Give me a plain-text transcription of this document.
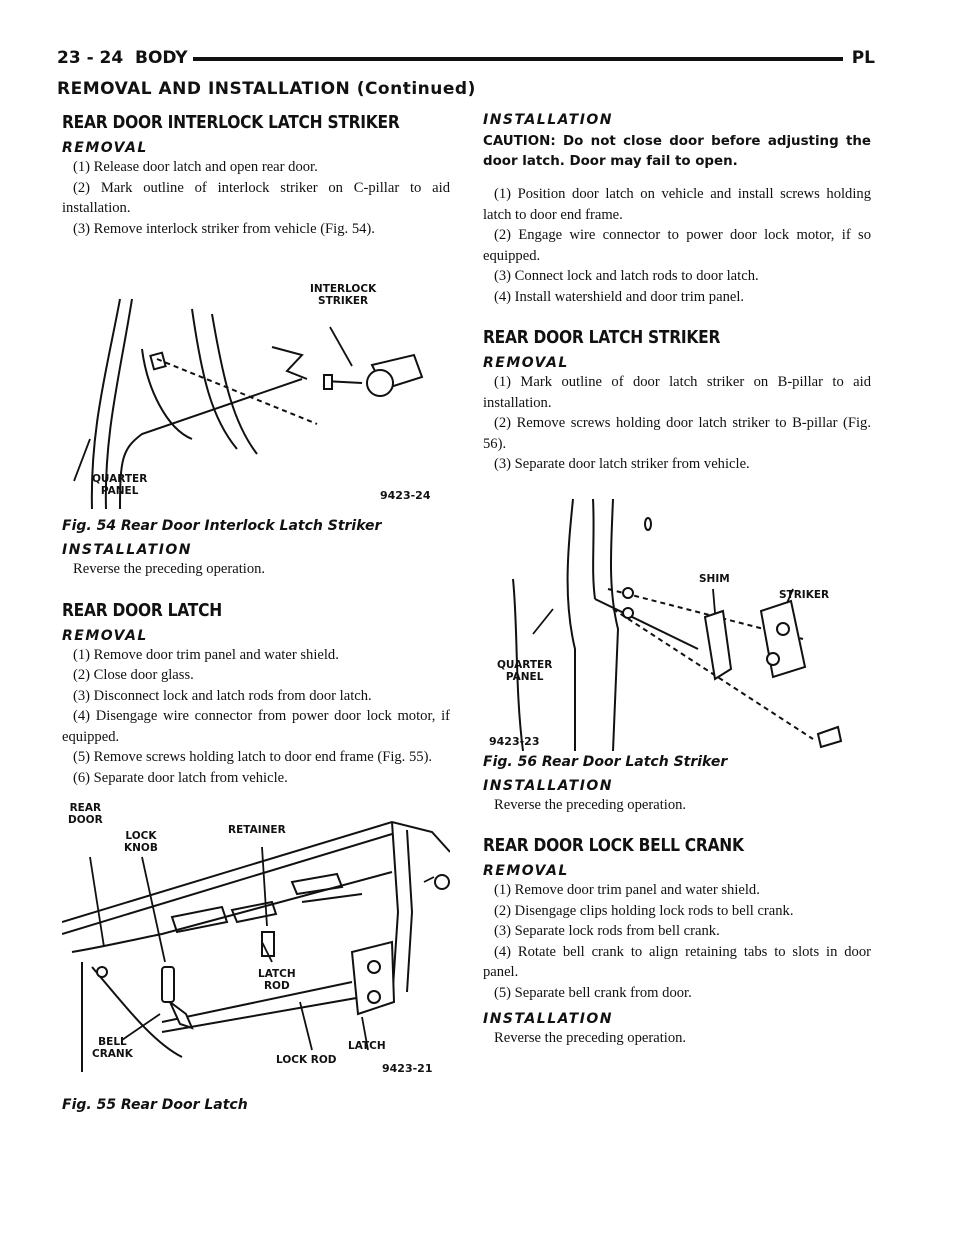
23 - 24 BODY	PL
REMOVAL AND INSTALLATION (Continued)
REAR DOOR INTERLOCK LATCH STRIKER
REMOVAL

(1) Release door latch and open rear door.

(2) Mark outline of interlock striker on C-pillar to aid installation.

(3) Remove interlock striker from vehicle (Fig. 54).

INTERLOCK
STRIKER
QUARTER
PANEL	9423-24
Fig. 54 Rear Door Interlock Latch Striker
INSTALLATION

Reverse the preceding operation.

REAR DOOR LATCH
REMOVAL

(1) Remove door trim panel and water shield.

(2) Close door glass.

(3) Disconnect lock and latch rods from door latch.

(4) Disengage wire connector from power door lock motor, if equipped.

(5) Remove screws holding latch to door end frame (Fig. 55).

(6) Separate door latch from vehicle.

REAR
DOOR
LOCK
KNOB
RETAINER
LATCH
ROD
BELL
CRANK	LOCK ROD
LATCH
9423-21
Fig. 55 Rear Door Latch
INSTALLATION
CAUTION: Do not close door before adjusting the door latch. Door may fail to open.

(1) Position door latch on vehicle and install screws holding latch to door end frame.

(2) Engage wire connector to power door lock motor, if so equipped.

(3) Connect lock and latch rods to door latch.

(4) Install watershield and door trim panel.

REAR DOOR LATCH STRIKER
REMOVAL

(1) Mark outline of door latch striker on B-pillar to aid installation.

(2) Remove screws holding door latch striker to B-pillar (Fig. 56).

(3) Separate door latch striker from vehicle.

SHIM
STRIKER
QUARTER
PANEL
9423-23
Fig. 56 Rear Door Latch Striker
INSTALLATION

Reverse the preceding operation.

REAR DOOR LOCK BELL CRANK
REMOVAL

(1) Remove door trim panel and water shield.

(2) Disengage clips holding lock rods to bell crank.

(3) Separate lock rods from bell crank.

(4) Rotate bell crank to align retaining tabs to slots in door panel.

(5) Separate bell crank from door.

INSTALLATION

Reverse the preceding operation.
